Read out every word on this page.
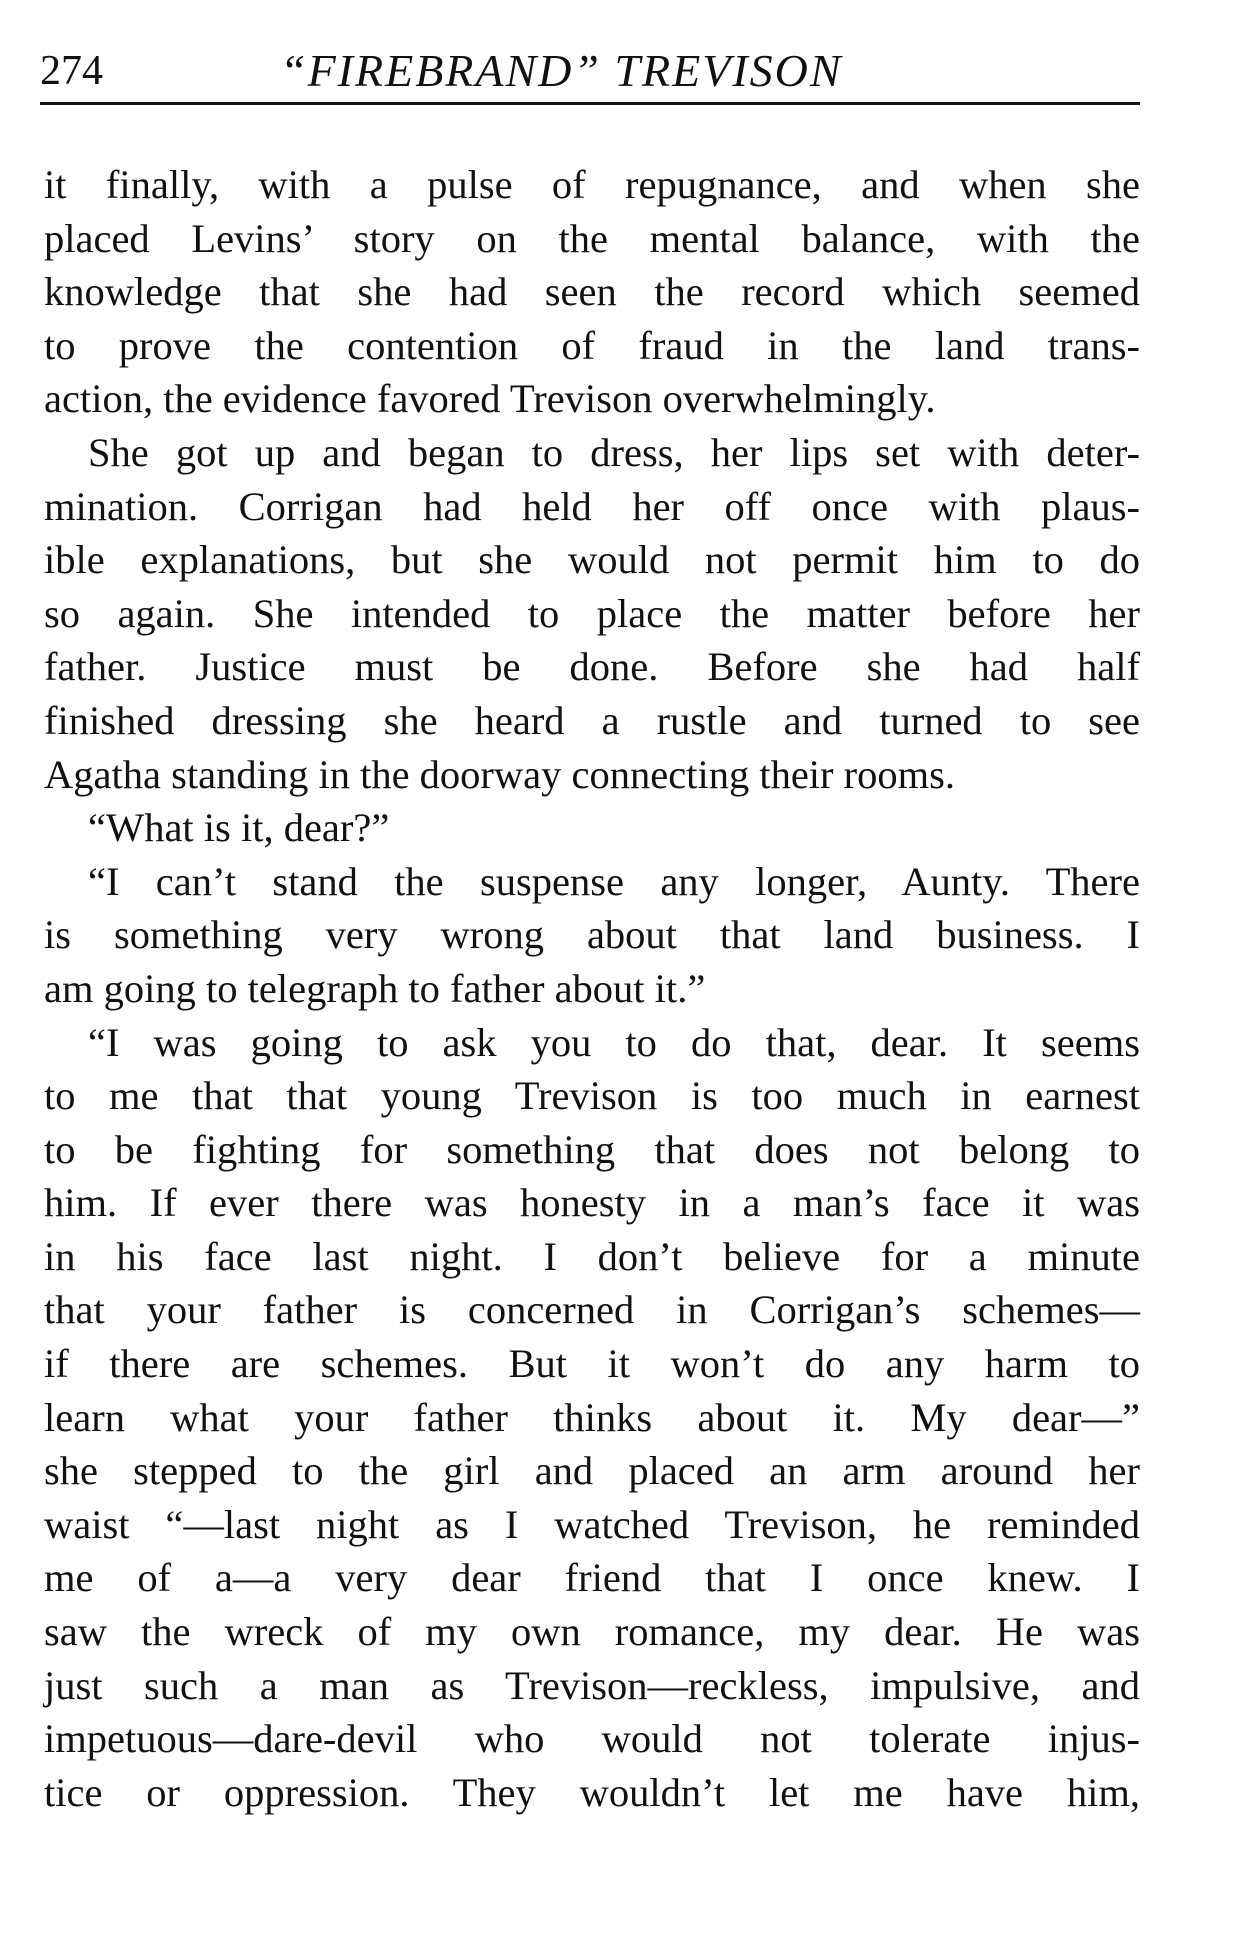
274	“FIREBRAND” TREVISON
it finally, with a pulse of repugnance, and when she
placed Levins’ story on the mental balance, with the
knowledge that she had seen the record which seemed
to prove the contention of fraud in the land trans-
action, the evidence favored Trevison overwhelmingly.
She got up and began to dress, her lips set with deter-
mination. Corrigan had held her off once with plaus-
ible explanations, but she would not permit him to do
so again. She intended to place the matter before her
father. Justice must be done. Before she had half
finished dressing she heard a rustle and turned to see
Agatha standing in the doorway connecting their rooms.
“What is it, dear?”
“I can’t stand the suspense any longer, Aunty. There
is something very wrong about that land business. I
am going to telegraph to father about it.”
“I was going to ask you to do that, dear. It seems
to me that that young Trevison is too much in earnest
to be fighting for something that does not belong to
him. If ever there was honesty in a man’s face it was
in his face last night. I don’t believe for a minute
that your father is concerned in Corrigan’s schemes—
if there are schemes. But it won’t do any harm to
learn what your father thinks about it. My dear—”
she stepped to the girl and placed an arm around her
waist “—last night as I watched Trevison, he reminded
me of a—a very dear friend that I once knew. I
saw the wreck of my own romance, my dear. He was
just such a man as Trevison—reckless, impulsive, and
impetuous—dare-devil who would not tolerate injus-
tice or oppression. They wouldn’t let me have him,
